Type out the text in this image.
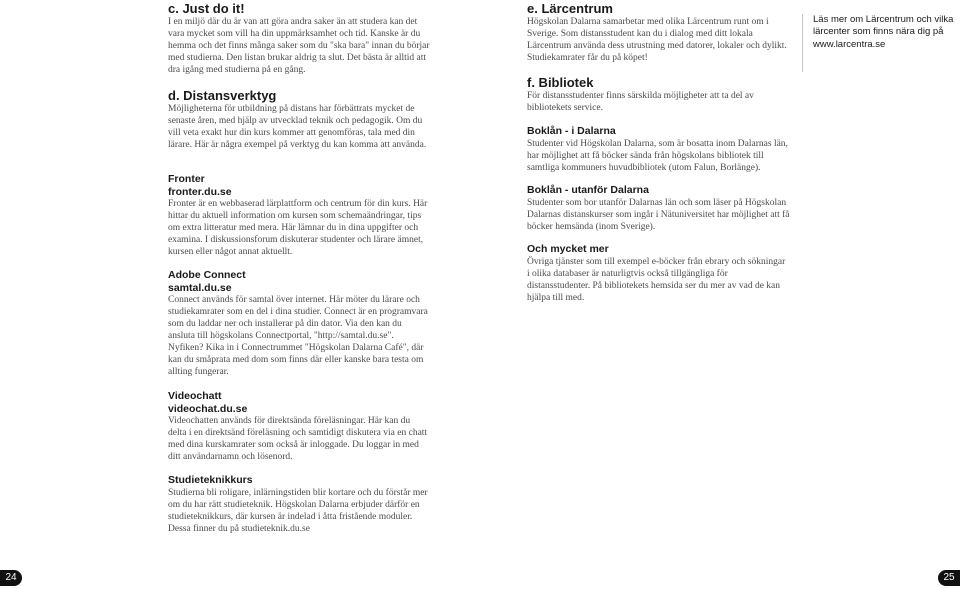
c. Just do it!

I en miljö där du är van att göra andra saker än att studera kan det vara mycket som vill ha din uppmärksamhet och tid. Kanske är du hemma och det finns många saker som du "ska bara" innan du börjar med studierna. Den listan brukar aldrig ta slut. Det bästa är alltid att dra igång med studierna på en gång.

d. Distansverktyg

Möjligheterna för utbildning på distans har förbättrats mycket de senaste åren, med hjälp av utvecklad teknik och pedagogik. Om du vill veta exakt hur din kurs kommer att genomföras, tala med din lärare. Här är några exempel på verktyg du kan komma att använda.

Fronter
fronter.du.se

Fronter är en webbaserad lärplattform och centrum för din kurs. Här hittar du aktuell information om kursen som schemaändringar, tips om extra litteratur med mera. Här lämnar du in dina uppgifter och examina. I diskussionsforum diskuterar studenter och lärare ämnet, kursen eller något annat aktuellt.

Adobe Connect
samtal.du.se

Connect används för samtal över internet. Här möter du lärare och studiekamrater som en del i dina studier. Connect är en programvara som du laddar ner och installerar på din dator. Via den kan du ansluta till högskolans Connectportal, "http://samtal.du.se". Nyfiken? Kika in i Connectrummet "Högskolan Dalarna Café", där kan du småprata med dom som finns där eller kanske bara testa om allting fungerar.

Videochatt
videochat.du.se

Videochatten används för direktsända föreläsningar. Här kan du delta i en direktsänd föreläsning och samtidigt diskutera via en chatt med dina kurskamrater som också är inloggade. Du loggar in med ditt användarnamn och lösenord.

Studieteknikkurs

Studierna bli roligare, inlärningstiden blir kortare och du förstår mer om du har rätt studieteknik. Högskolan Dalarna erbjuder därför en studieteknikkurs, där kursen är indelad i åtta fristående moduler. Dessa finner du på studieteknik.du.se

e. Lärcentrum

Högskolan Dalarna samarbetar med olika Lärcentrum runt om i Sverige. Som distansstudent kan du i dialog med ditt lokala Lärcentrum använda dess utrustning med datorer, lokaler och dylikt. Studiekamrater får du på köpet!

f. Bibliotek

För distansstudenter finns särskilda möjligheter att ta del av bibliotekets service.

Boklån - i Dalarna

Studenter vid Högskolan Dalarna, som är bosatta inom Dalarnas län, har möjlighet att få böcker sända från högskolans bibliotek till samtliga kommuners huvudbibliotek (utom Falun, Borlänge).

Boklån - utanför Dalarna

Studenter som bor utanför Dalarnas län och som läser på Högskolan Dalarnas distanskurser som ingår i Nätuniversitet har möjlighet att få böcker hemsända (inom Sverige).

Och mycket mer

Övriga tjänster som till exempel e-böcker från ebrary och sökningar i olika databaser är naturligtvis också tillgängliga för distansstudenter. På bibliotekets hemsida ser du mer av vad de kan hjälpa till med.

Läs mer om Lärcentrum och vilka lärcenter som finns nära dig på

www.larcentra.se

24	25
